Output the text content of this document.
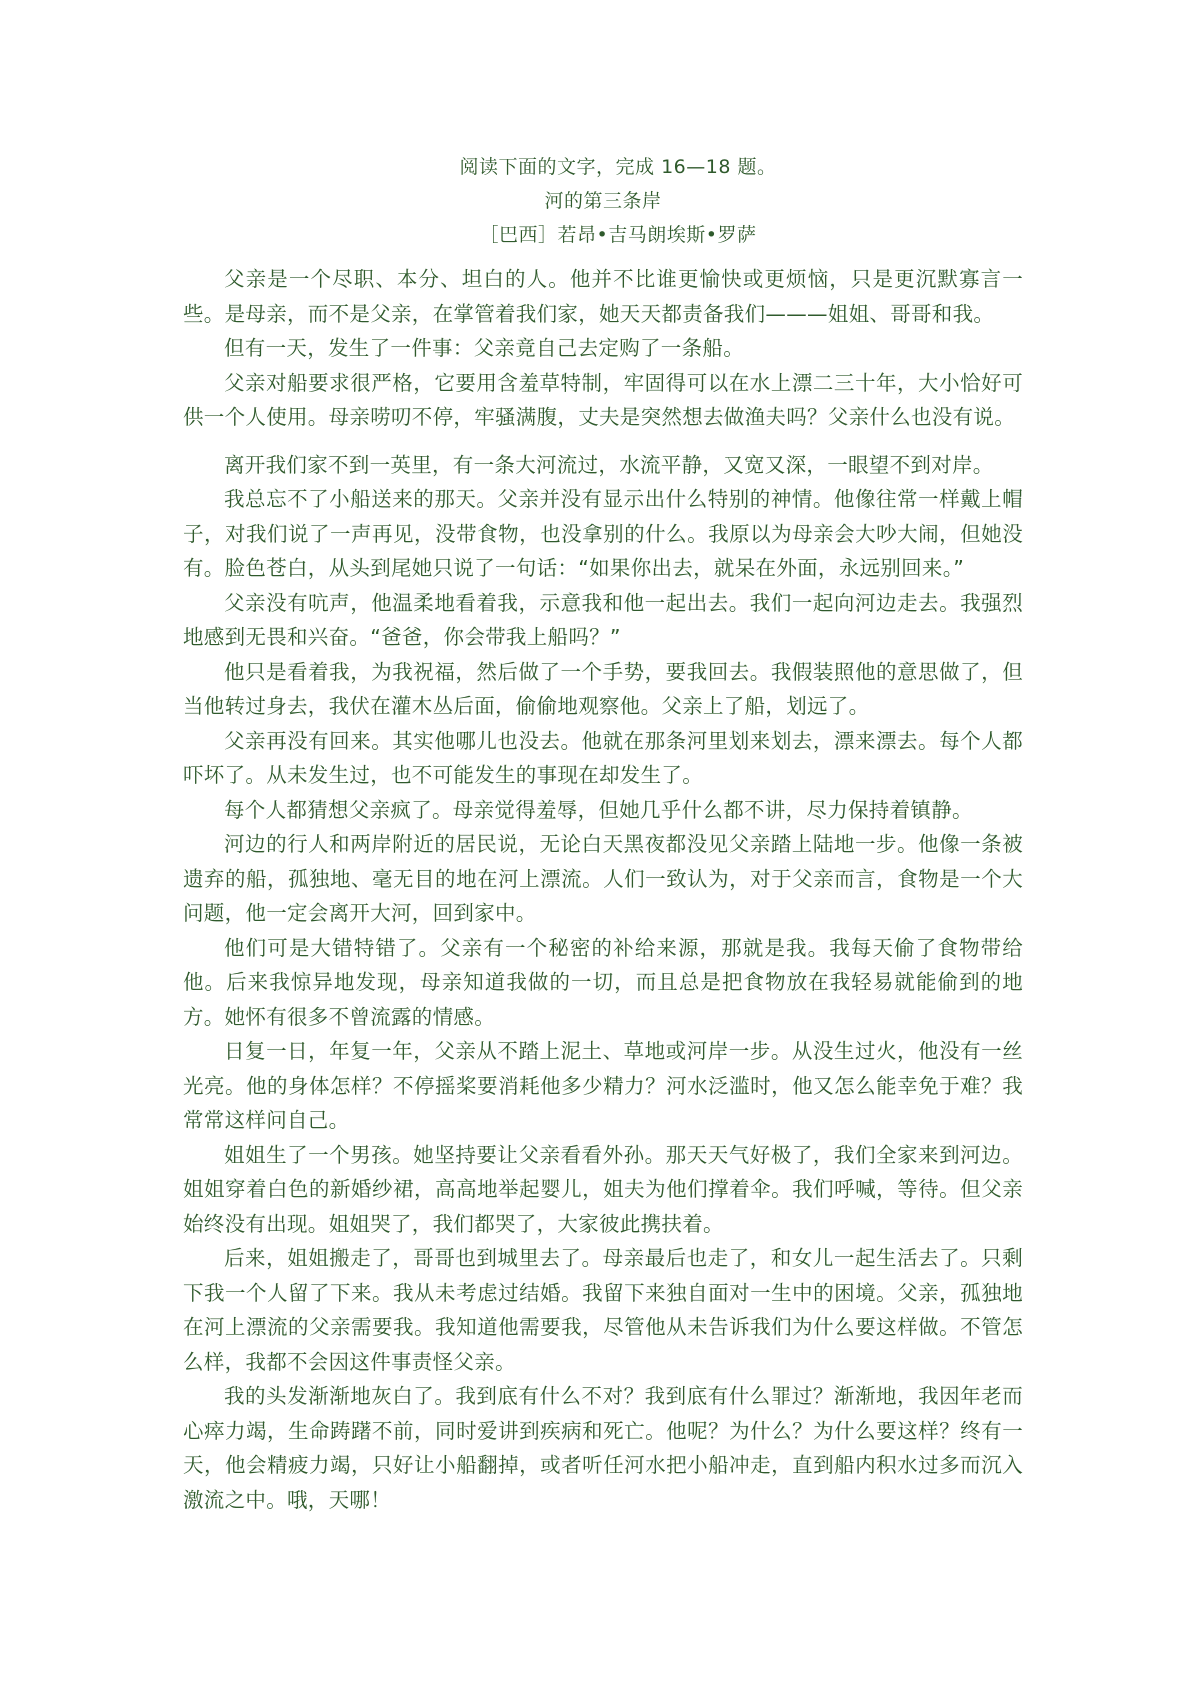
阅读下面的文字，完成 16—18 题。
河的第三条岸
［巴西］若昂•吉马朗埃斯•罗萨

父亲是一个尽职、本分、坦白的人。他并不比谁更愉快或更烦恼，只是更沉默寡言一些。是母亲，而不是父亲，在掌管着我们家，她天天都责备我们———姐姐、哥哥和我。

但有一天，发生了一件事：父亲竟自己去定购了一条船。

父亲对船要求很严格，它要用含羞草特制，牢固得可以在水上漂二三十年，大小恰好可供一个人使用。母亲唠叨不停，牢骚满腹，丈夫是突然想去做渔夫吗？父亲什么也没有说。

离开我们家不到一英里，有一条大河流过，水流平静，又宽又深，一眼望不到对岸。

我总忘不了小船送来的那天。父亲并没有显示出什么特别的神情。他像往常一样戴上帽子，对我们说了一声再见，没带食物，也没拿别的什么。我原以为母亲会大吵大闹，但她没有。脸色苍白，从头到尾她只说了一句话：“如果你出去，就呆在外面，永远别回来。”

父亲没有吭声，他温柔地看着我，示意我和他一起出去。我们一起向河边走去。我强烈地感到无畏和兴奋。“爸爸，你会带我上船吗？”

他只是看着我，为我祝福，然后做了一个手势，要我回去。我假装照他的意思做了，但当他转过身去，我伏在灌木丛后面，偷偷地观察他。父亲上了船，划远了。

父亲再没有回来。其实他哪儿也没去。他就在那条河里划来划去，漂来漂去。每个人都吓坏了。从未发生过，也不可能发生的事现在却发生了。

每个人都猜想父亲疯了。母亲觉得羞辱，但她几乎什么都不讲，尽力保持着镇静。

河边的行人和两岸附近的居民说，无论白天黑夜都没见父亲踏上陆地一步。他像一条被遗弃的船，孤独地、毫无目的地在河上漂流。人们一致认为，对于父亲而言，食物是一个大问题，他一定会离开大河，回到家中。

他们可是大错特错了。父亲有一个秘密的补给来源，那就是我。我每天偷了食物带给他。后来我惊异地发现，母亲知道我做的一切，而且总是把食物放在我轻易就能偷到的地方。她怀有很多不曾流露的情感。

日复一日，年复一年，父亲从不踏上泥土、草地或河岸一步。从没生过火，他没有一丝光亮。他的身体怎样？不停摇桨要消耗他多少精力？河水泛滥时，他又怎么能幸免于难？我常常这样问自己。

姐姐生了一个男孩。她坚持要让父亲看看外孙。那天天气好极了，我们全家来到河边。姐姐穿着白色的新婚纱裙，高高地举起婴儿，姐夫为他们撑着伞。我们呼喊，等待。但父亲始终没有出现。姐姐哭了，我们都哭了，大家彼此携扶着。

后来，姐姐搬走了，哥哥也到城里去了。母亲最后也走了，和女儿一起生活去了。只剩下我一个人留了下来。我从未考虑过结婚。我留下来独自面对一生中的困境。父亲，孤独地在河上漂流的父亲需要我。我知道他需要我，尽管他从未告诉我们为什么要这样做。不管怎么样，我都不会因这件事责怪父亲。

我的头发渐渐地灰白了。我到底有什么不对？我到底有什么罪过？渐渐地，我因年老而心瘁力竭，生命踌躇不前，同时爱讲到疾病和死亡。他呢？为什么？为什么要这样？终有一天，他会精疲力竭，只好让小船翻掉，或者听任河水把小船冲走，直到船内积水过多而沉入激流之中。哦，天哪！
